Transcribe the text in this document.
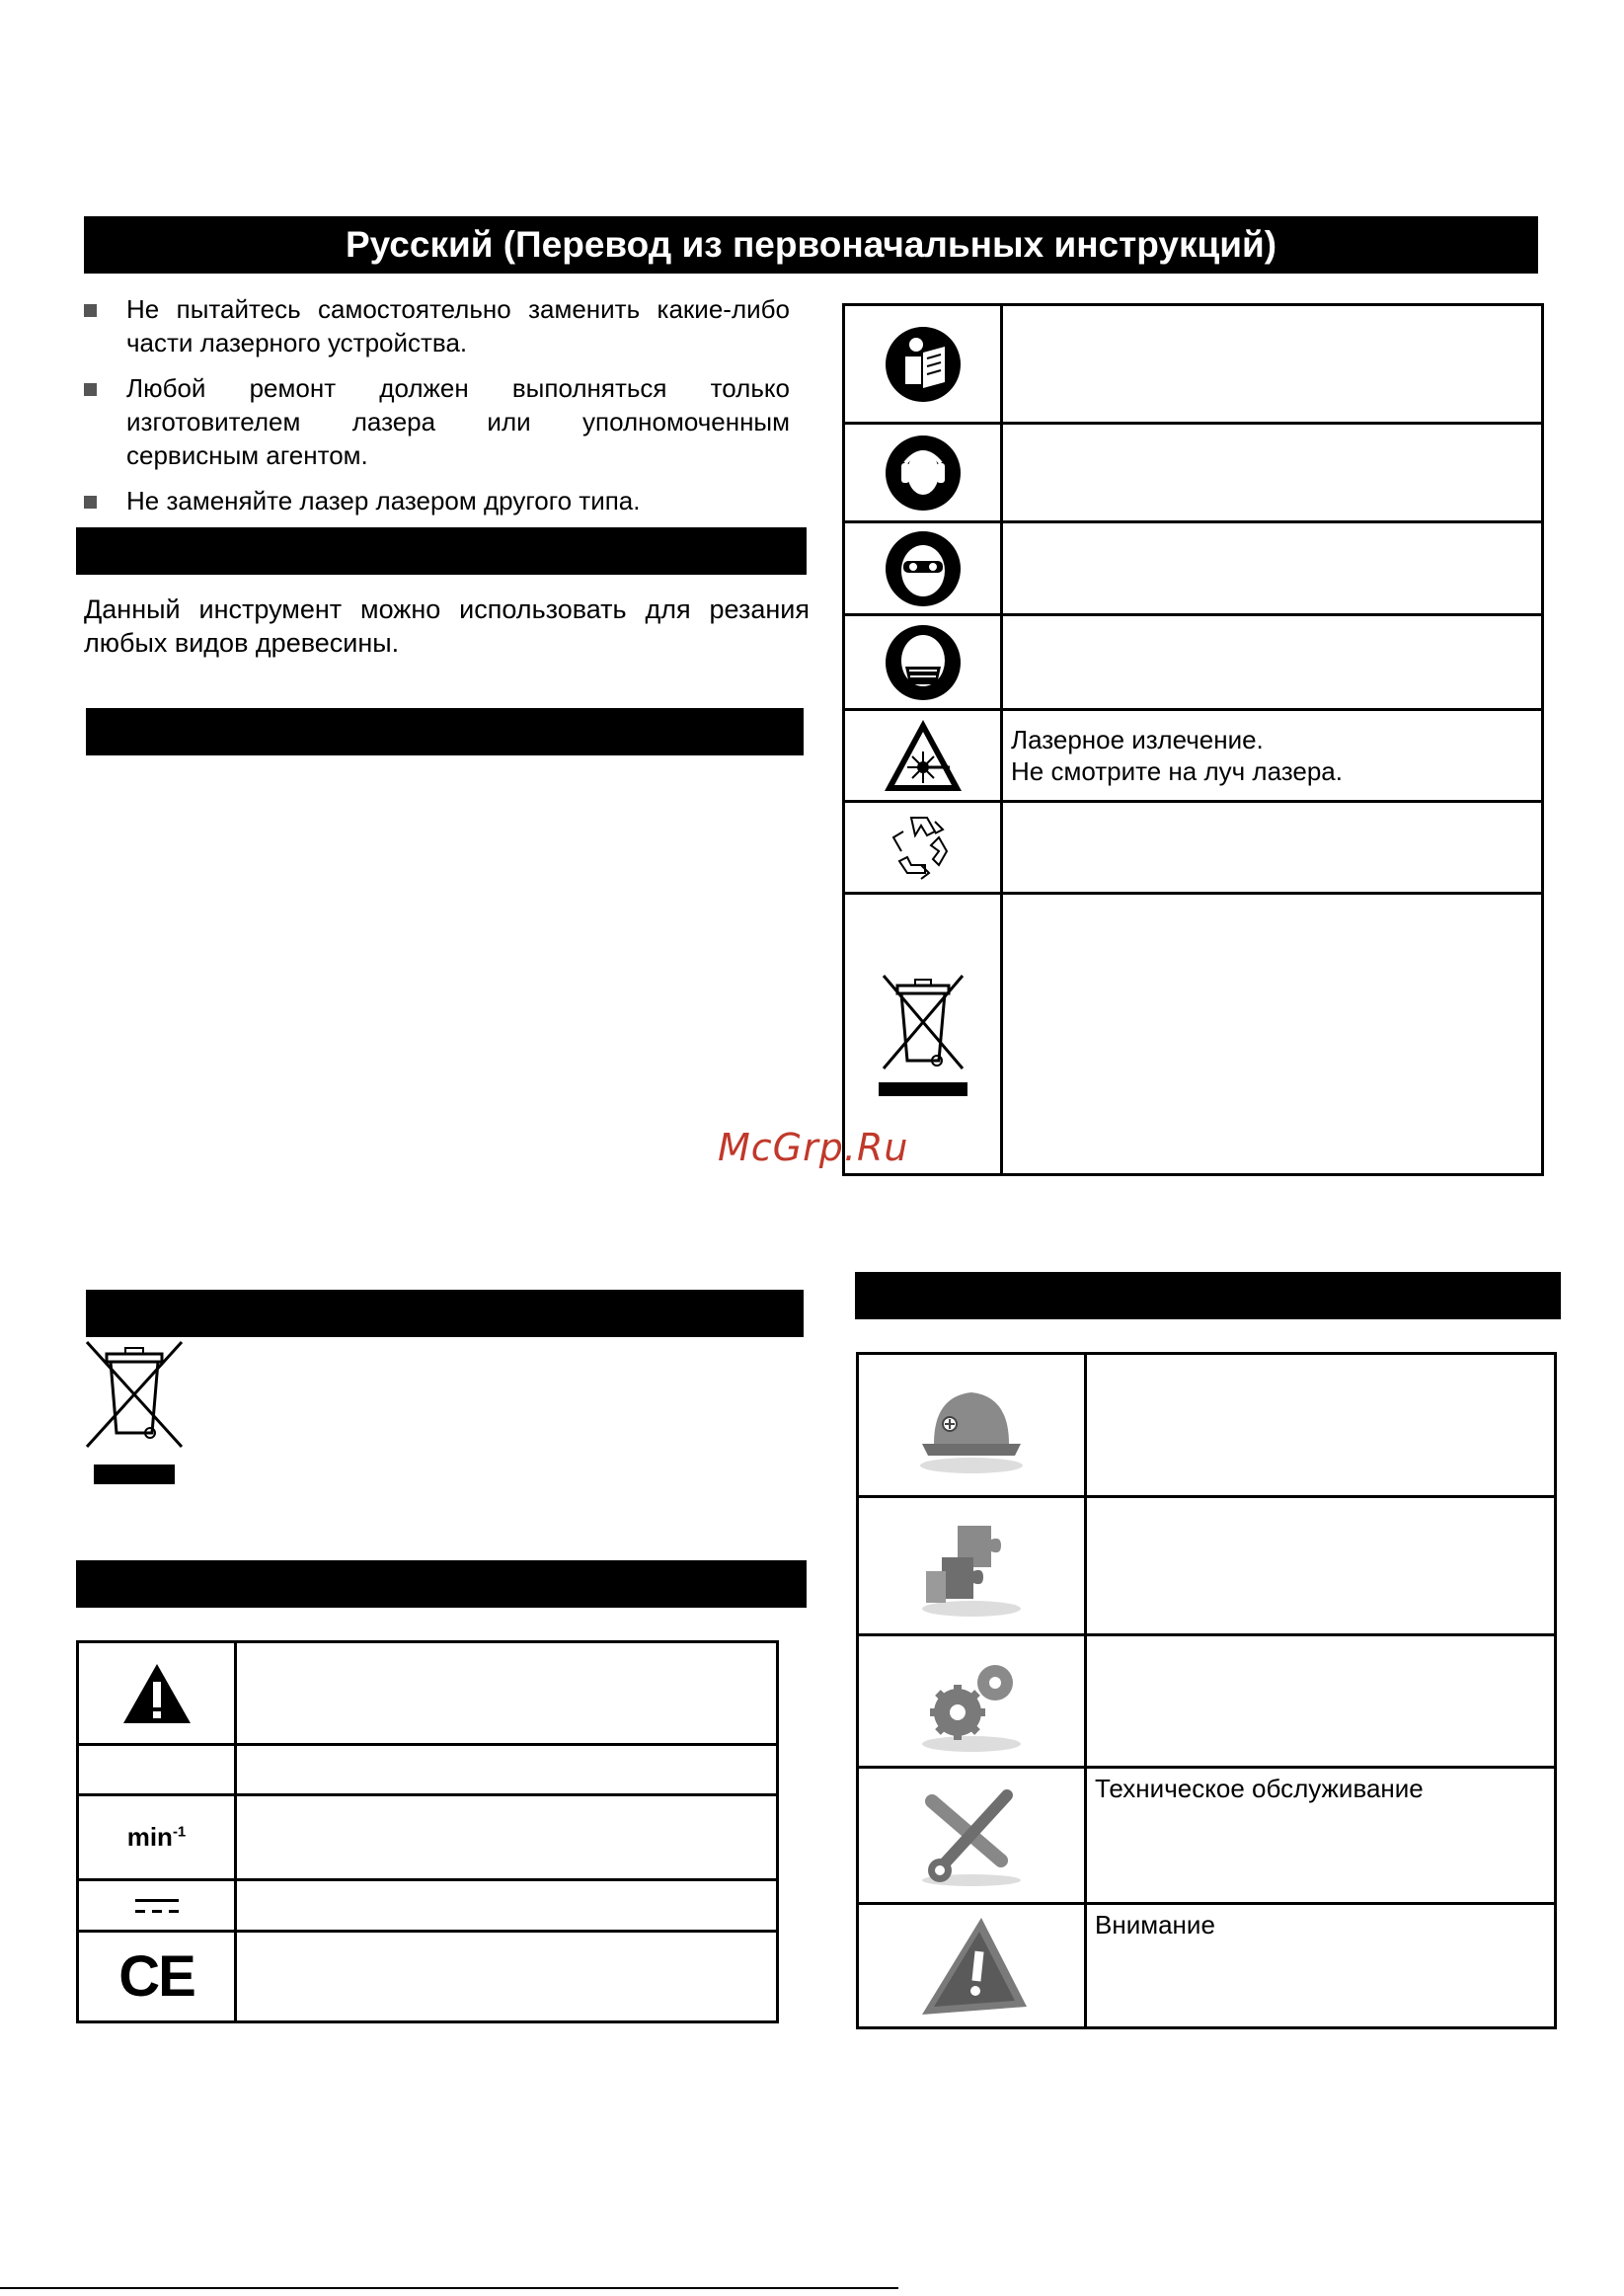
Русский (Перевод из первоначальных инструкций)
Не пытайтесь самостоятельно заменить какие-либо части лазерного устройства.
Любой ремонт должен выполняться только изготовителем лазера или уполномоченным сервисным агентом.
Не заменяйте лазер лазером другого типа.
Данный инструмент можно использовать для резания любых видов древесины.

Лазерное излечение.
Не смотрите на луч лазера.

McGrp.Ru

$\min^{-1}$	

CE	

	Техническое обслуживание

	Внимание
